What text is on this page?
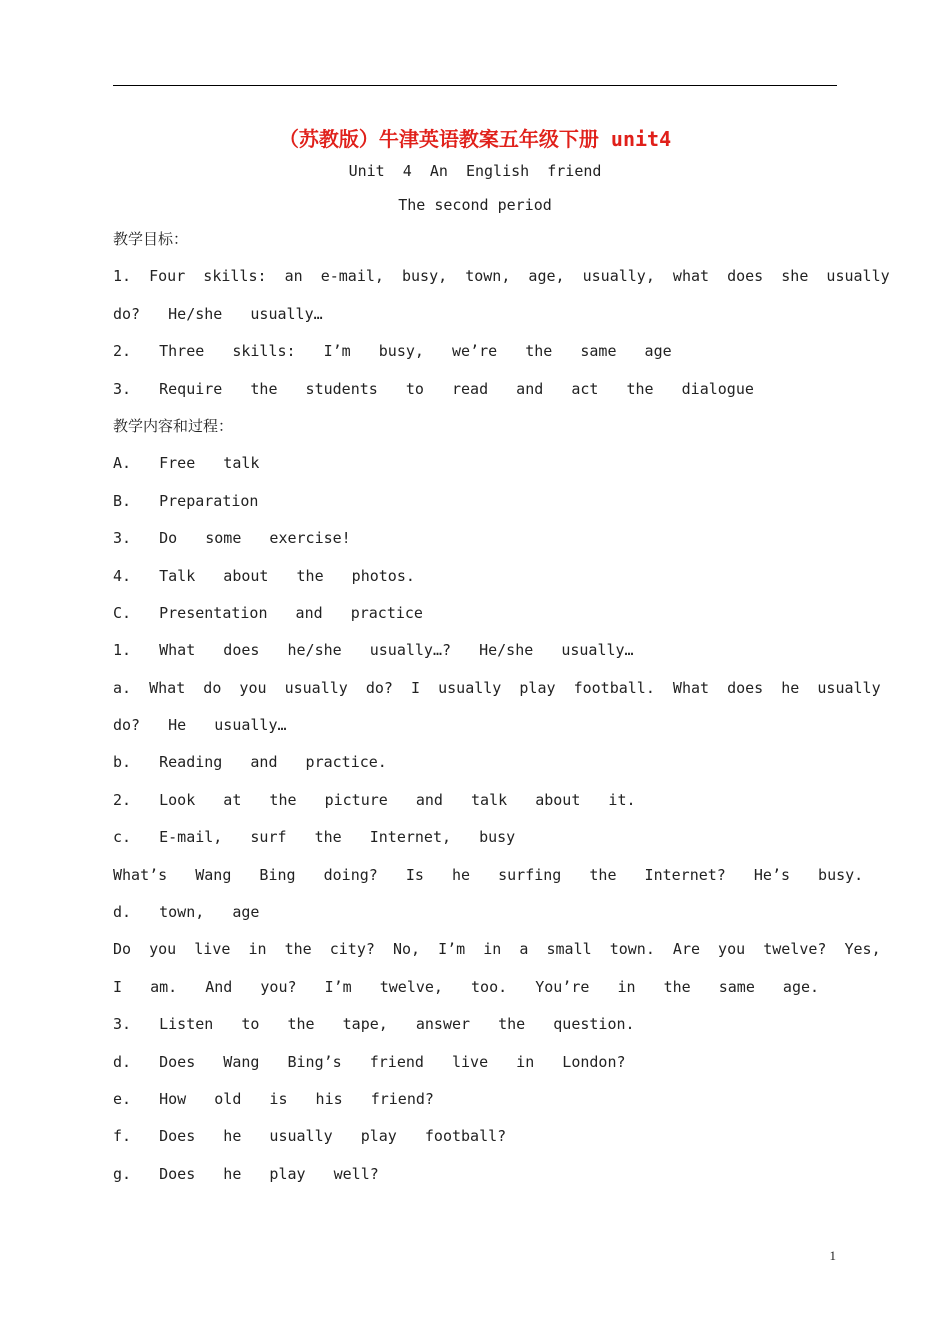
（苏教版）牛津英语教案五年级下册 unit4
Unit  4  An  English  friend
The second period
教学目标：
1.  Four  skills:  an  e-mail,  busy,  town,  age,  usually,  what  does  she  usually
do?  He/she  usually…
2.  Three  skills:  I’m  busy,  we’re  the  same  age
3.  Require  the  students  to  read  and  act  the  dialogue
教学内容和过程：
A.  Free  talk
B.  Preparation
3.  Do  some  exercise!
4.  Talk  about  the  photos.
C.  Presentation  and  practice
1.  What  does  he/she  usually…?  He/she  usually…
a.  What  do  you  usually  do?  I  usually  play  football.  What  does  he  usually
do?  He  usually…
b.  Reading  and  practice.
2.  Look  at  the  picture  and  talk  about  it.
c.  E-mail,  surf  the  Internet,  busy
What’s  Wang  Bing  doing?  Is  he  surfing  the  Internet?  He’s  busy.
d.  town,  age
Do  you  live  in  the  city?  No,  I’m  in  a  small  town.  Are  you  twelve?  Yes,
I  am.  And  you?  I’m  twelve,  too.  You’re  in  the  same  age.
3.  Listen  to  the  tape,  answer  the  question.
d.  Does  Wang  Bing’s  friend  live  in  London?
e.  How  old  is  his  friend?
f.  Does  he  usually  play  football?
g.  Does  he  play  well?
1
